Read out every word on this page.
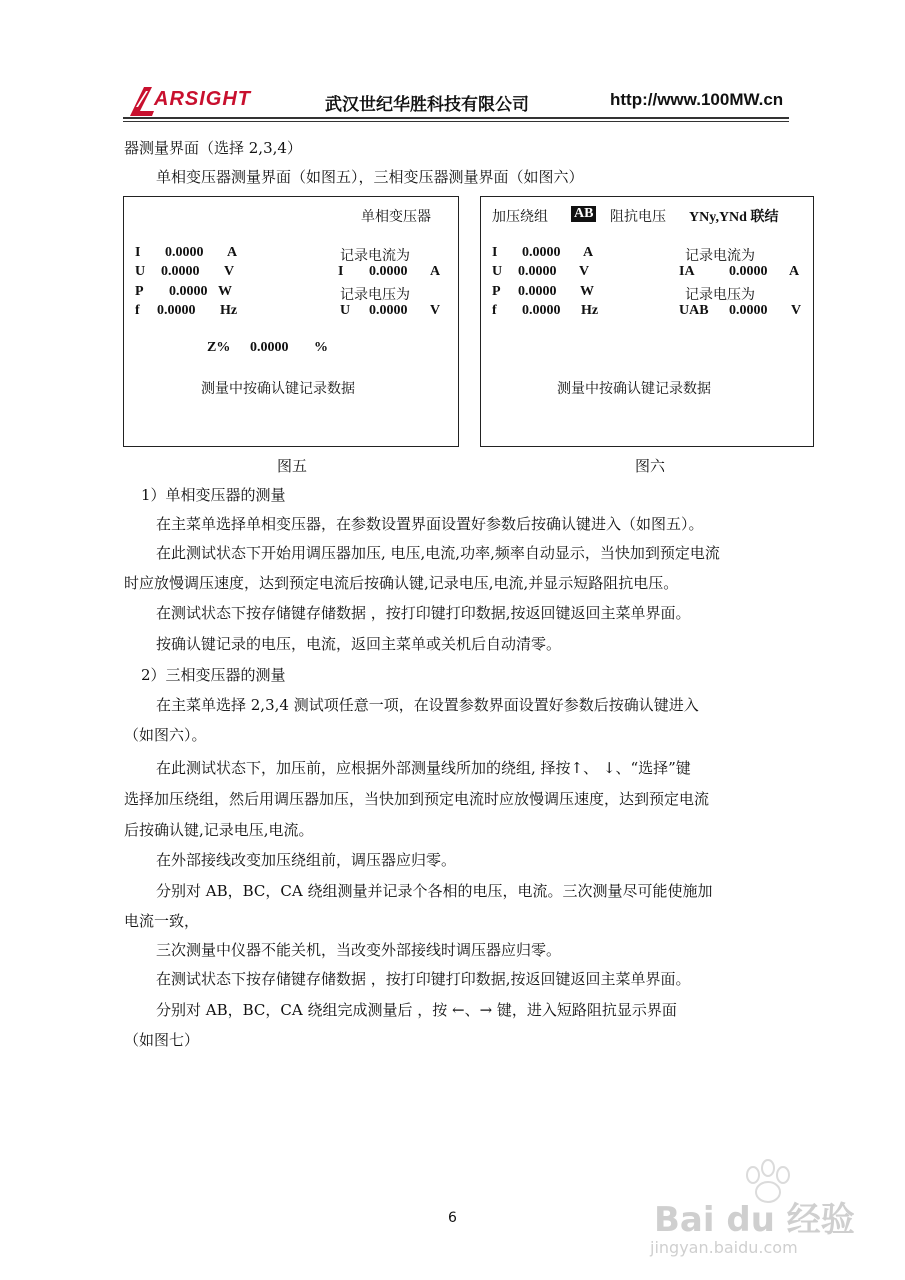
ARSIGHT	武汉世纪华胜科技有限公司	http://www.100MW.cn
器测量界面（选择 2,3,4）
单相变压器测量界面（如图五），三相变压器测量界面（如图六）
单相变压器
I 0.0000 A
U 0.0000 V
P 0.0000 W
f 0.0000 Hz
记录电流为
I 0.0000 A
记录电压为
U 0.0000 V
Z% 0.0000 %
测量中按确认键记录数据
图五
加压绕组 AB 阻抗电压 YNy,YNd 联结
I 0.0000 A
U 0.0000 V
P 0.0000 W
f 0.0000 Hz
记录电流为
IA 0.0000 A
记录电压为
UAB 0.0000 V
测量中按确认键记录数据
图六
1）单相变压器的测量
在主菜单选择单相变压器，在参数设置界面设置好参数后按确认键进入（如图五）。
在此测试状态下开始用调压器加压, 电压,电流,功率,频率自动显示，当快加到预定电流
时应放慢调压速度，达到预定电流后按确认键,记录电压,电流,并显示短路阻抗电压。
在测试状态下按存储键存储数据 ，按打印键打印数据,按返回键返回主菜单界面。
按确认键记录的电压，电流，返回主菜单或关机后自动清零。
2）三相变压器的测量
在主菜单选择 2,3,4 测试项任意一项，在设置参数界面设置好参数后按确认键进入
（如图六）。
在此测试状态下，加压前，应根据外部测量线所加的绕组, 择按↑、 ↓、“选择”键
选择加压绕组，然后用调压器加压，当快加到预定电流时应放慢调压速度，达到预定电流
后按确认键,记录电压,电流。
在外部接线改变加压绕组前，调压器应归零。
分别对 AB，BC，CA 绕组测量并记录个各相的电压，电流。三次测量尽可能使施加
电流一致，
三次测量中仪器不能关机，当改变外部接线时调压器应归零。
在测试状态下按存储键存储数据 ，按打印键打印数据,按返回键返回主菜单界面。
分别对 AB，BC，CA 绕组完成测量后 ，按 ←、→ 键，进入短路阻抗显示界面
（如图七）
6	Bai du 经验
jingyan.baidu.com
